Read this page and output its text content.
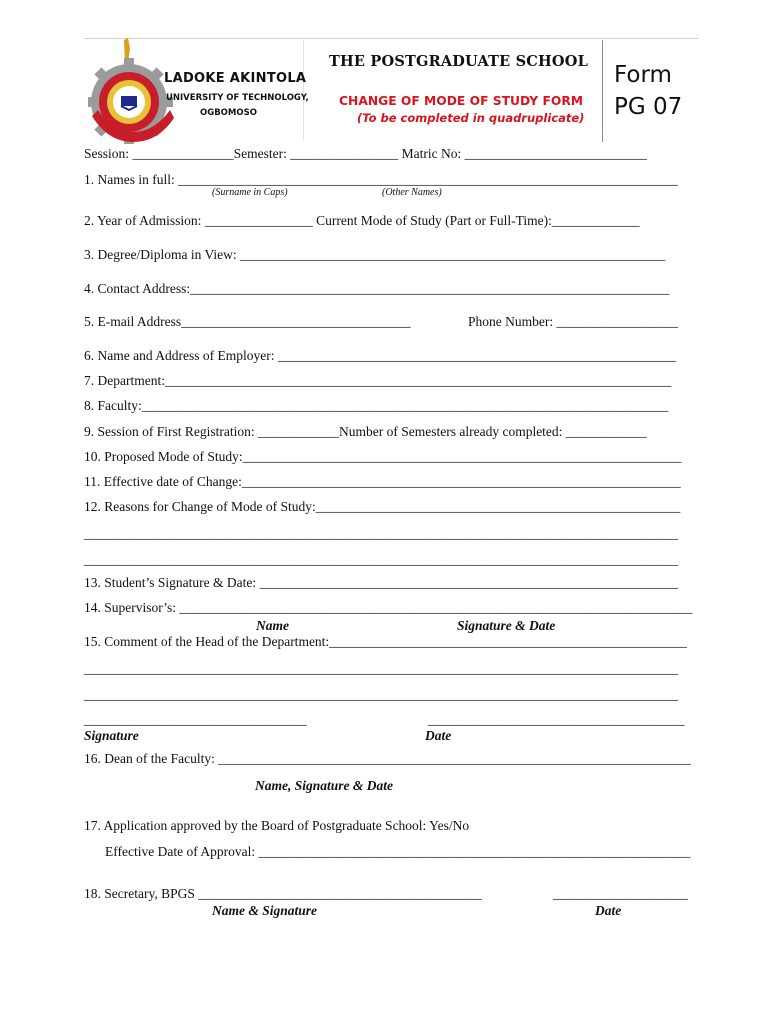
LADOKE AKINTOLA
UNIVERSITY OF TECHNOLOGY,
OGBOMOSO
THE POSTGRADUATE SCHOOL
CHANGE OF MODE OF STUDY FORM
(To be completed in quadruplicate)
Form
PG 07
Session: _______________Semester: ________________ Matric No: ___________________________
1. Names in full: __________________________________________________________________________
(Surname in Caps)	(Other Names)
2. Year of Admission: ________________ Current Mode of Study (Part or Full-Time):_____________
3. Degree/Diploma in View: _______________________________________________________________
4. Contact Address:_______________________________________________________________________
5. E-mail Address__________________________________	Phone Number: __________________
6. Name and Address of Employer: ___________________________________________________________
7. Department:___________________________________________________________________________
8. Faculty:______________________________________________________________________________
9. Session of First Registration: ____________Number of Semesters already completed: ____________
10. Proposed Mode of Study:_________________________________________________________________
11. Effective date of Change:_________________________________________________________________
12. Reasons for Change of Mode of Study:______________________________________________________
________________________________________________________________________________________
________________________________________________________________________________________
13. Student’s Signature & Date: ______________________________________________________________
14. Supervisor’s: ____________________________________________________________________________
Name	Signature & Date
15. Comment of the Head of the Department:_____________________________________________________
________________________________________________________________________________________
________________________________________________________________________________________
_________________________________	______________________________________
Signature	Date
16. Dean of the Faculty: ______________________________________________________________________
Name, Signature & Date
17. Application approved by the Board of Postgraduate School: Yes/No
Effective Date of Approval: ________________________________________________________________
18. Secretary, BPGS __________________________________________	____________________
Name & Signature	Date
